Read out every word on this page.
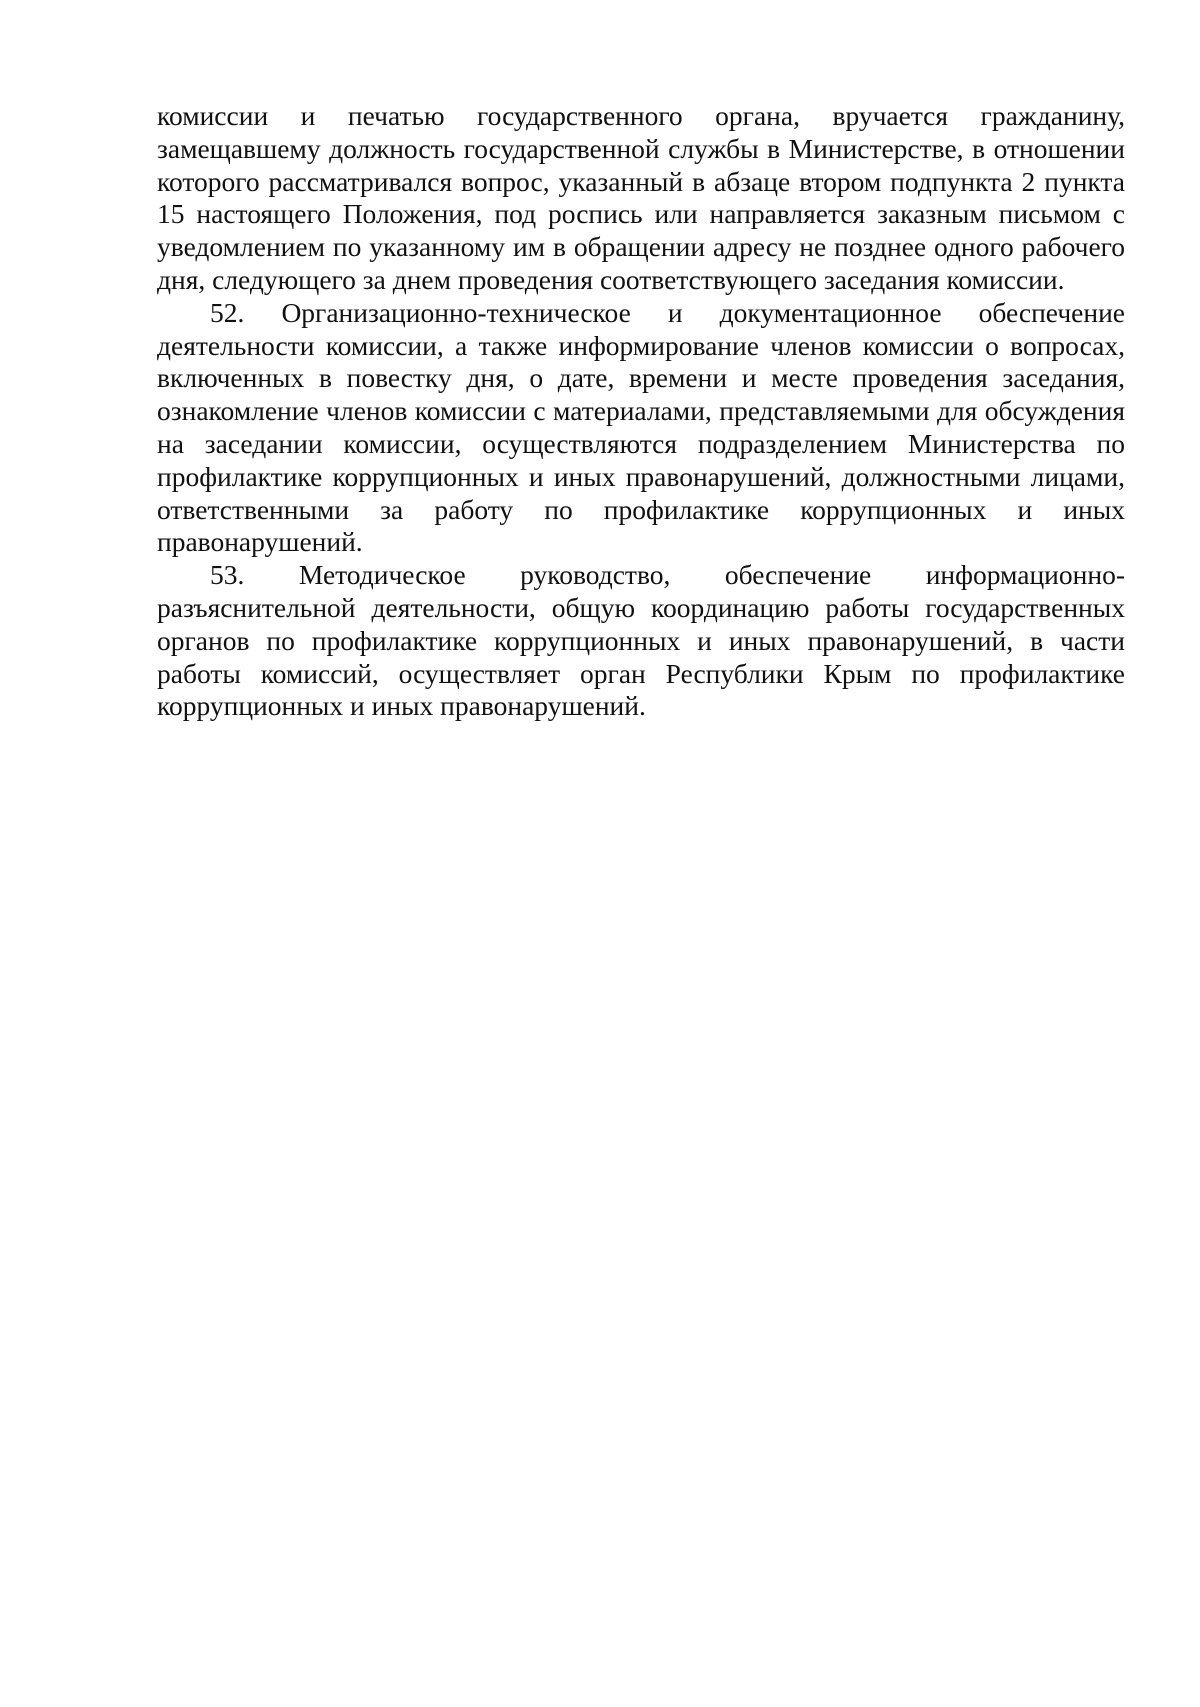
комиссии и печатью государственного органа, вручается гражданину, замещавшему должность государственной службы в Министерстве, в отношении которого рассматривался вопрос, указанный в абзаце втором подпункта 2 пункта 15 настоящего Положения, под роспись или направляется заказным письмом с уведомлением по указанному им в обращении адресу не позднее одного рабочего дня, следующего за днем проведения соответствующего заседания комиссии.

52. Организационно-техническое и документационное обеспечение деятельности комиссии, а также информирование членов комиссии о вопросах, включенных в повестку дня, о дате, времени и месте проведения заседания, ознакомление членов комиссии с материалами, представляемыми для обсуждения на заседании комиссии, осуществляются подразделением Министерства по профилактике коррупционных и иных правонарушений, должностными лицами, ответственными за работу по профилактике коррупционных и иных правонарушений.

53. Методическое руководство, обеспечение информационно-разъяснительной деятельности, общую координацию работы государственных органов по профилактике коррупционных и иных правонарушений, в части работы комиссий, осуществляет орган Республики Крым по профилактике коррупционных и иных правонарушений.
